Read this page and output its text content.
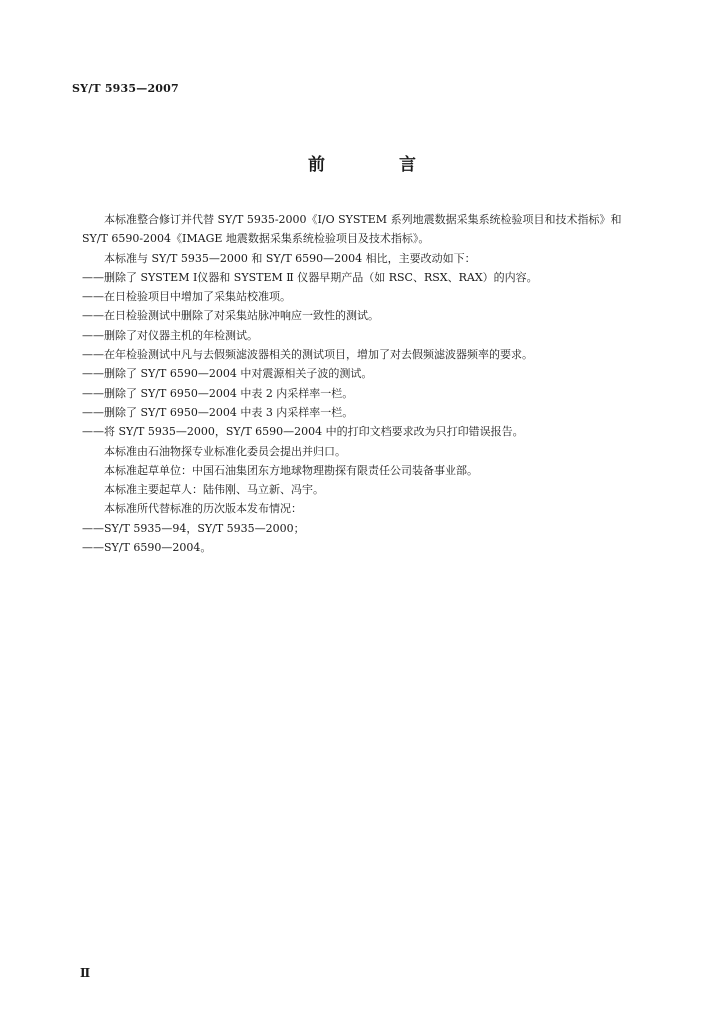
SY/T 5935—2007
前 言

本标准整合修订并代替 SY/T 5935-2000《I/O SYSTEM 系列地震数据采集系统检验项目和技术指标》和 SY/T 6590-2004《IMAGE 地震数据采集系统检验项目及技术指标》。

本标准与 SY/T 5935—2000 和 SY/T 6590—2004 相比，主要改动如下：

——删除了 SYSTEM Ⅰ仪器和 SYSTEM Ⅱ 仪器早期产品（如 RSC、RSX、RAX）的内容。

——在日检验项目中增加了采集站校准项。

——在日检验测试中删除了对采集站脉冲响应一致性的测试。

——删除了对仪器主机的年检测试。

——在年检验测试中凡与去假频滤波器相关的测试项目，增加了对去假频滤波器频率的要求。

——删除了 SY/T 6590—2004 中对震源相关子波的测试。

——删除了 SY/T 6950—2004 中表 2 内采样率一栏。

——删除了 SY/T 6950—2004 中表 3 内采样率一栏。

——将 SY/T 5935—2000，SY/T 6590—2004 中的打印文档要求改为只打印错误报告。

本标准由石油物探专业标准化委员会提出并归口。

本标准起草单位：中国石油集团东方地球物理勘探有限责任公司装备事业部。

本标准主要起草人：陆伟刚、马立新、冯宇。

本标准所代替标准的历次版本发布情况：

——SY/T 5935—94，SY/T 5935—2000；

——SY/T 6590—2004。

Ⅱ
